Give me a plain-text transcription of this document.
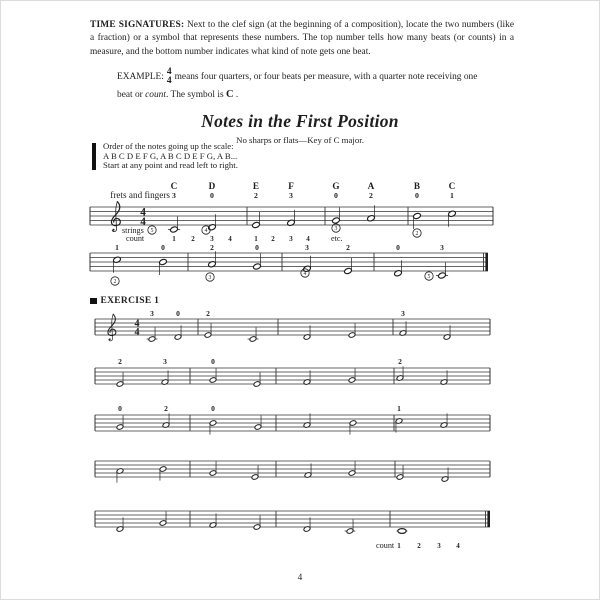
TIME SIGNATURES: Next to the clef sign (at the beginning of a composition), locate the two numbers (like a fraction) or a symbol that represents these numbers. The top number tells how many beats (or counts) in a measure, and the bottom number indicates what kind of note gets one beat.
EXAMPLE: 4
4 means four quarters, or four beats per measure, with a quarter note receiving one
beat or count. The symbol is C .
Notes in the First Position
No sharps or flats—Key of C major.
Order of the notes going up the scale:
A B C D E F G, A B C D E F G, A B...
Start at any point and read left to right.
EXERCISE 1
4
4
5	4	3
2
1	0	2	0	3	2	0	3
2
3
4	5
4
4
3	0	2	3
2	3	0	2
0	2	0	1
C	D	E	F	G	A	B	C
3	0	2	3	0	2	0	1
1 2 3 4	1 2 3 4
frets and fingers
strings
count	etc.
count 1 2 3 4
4
